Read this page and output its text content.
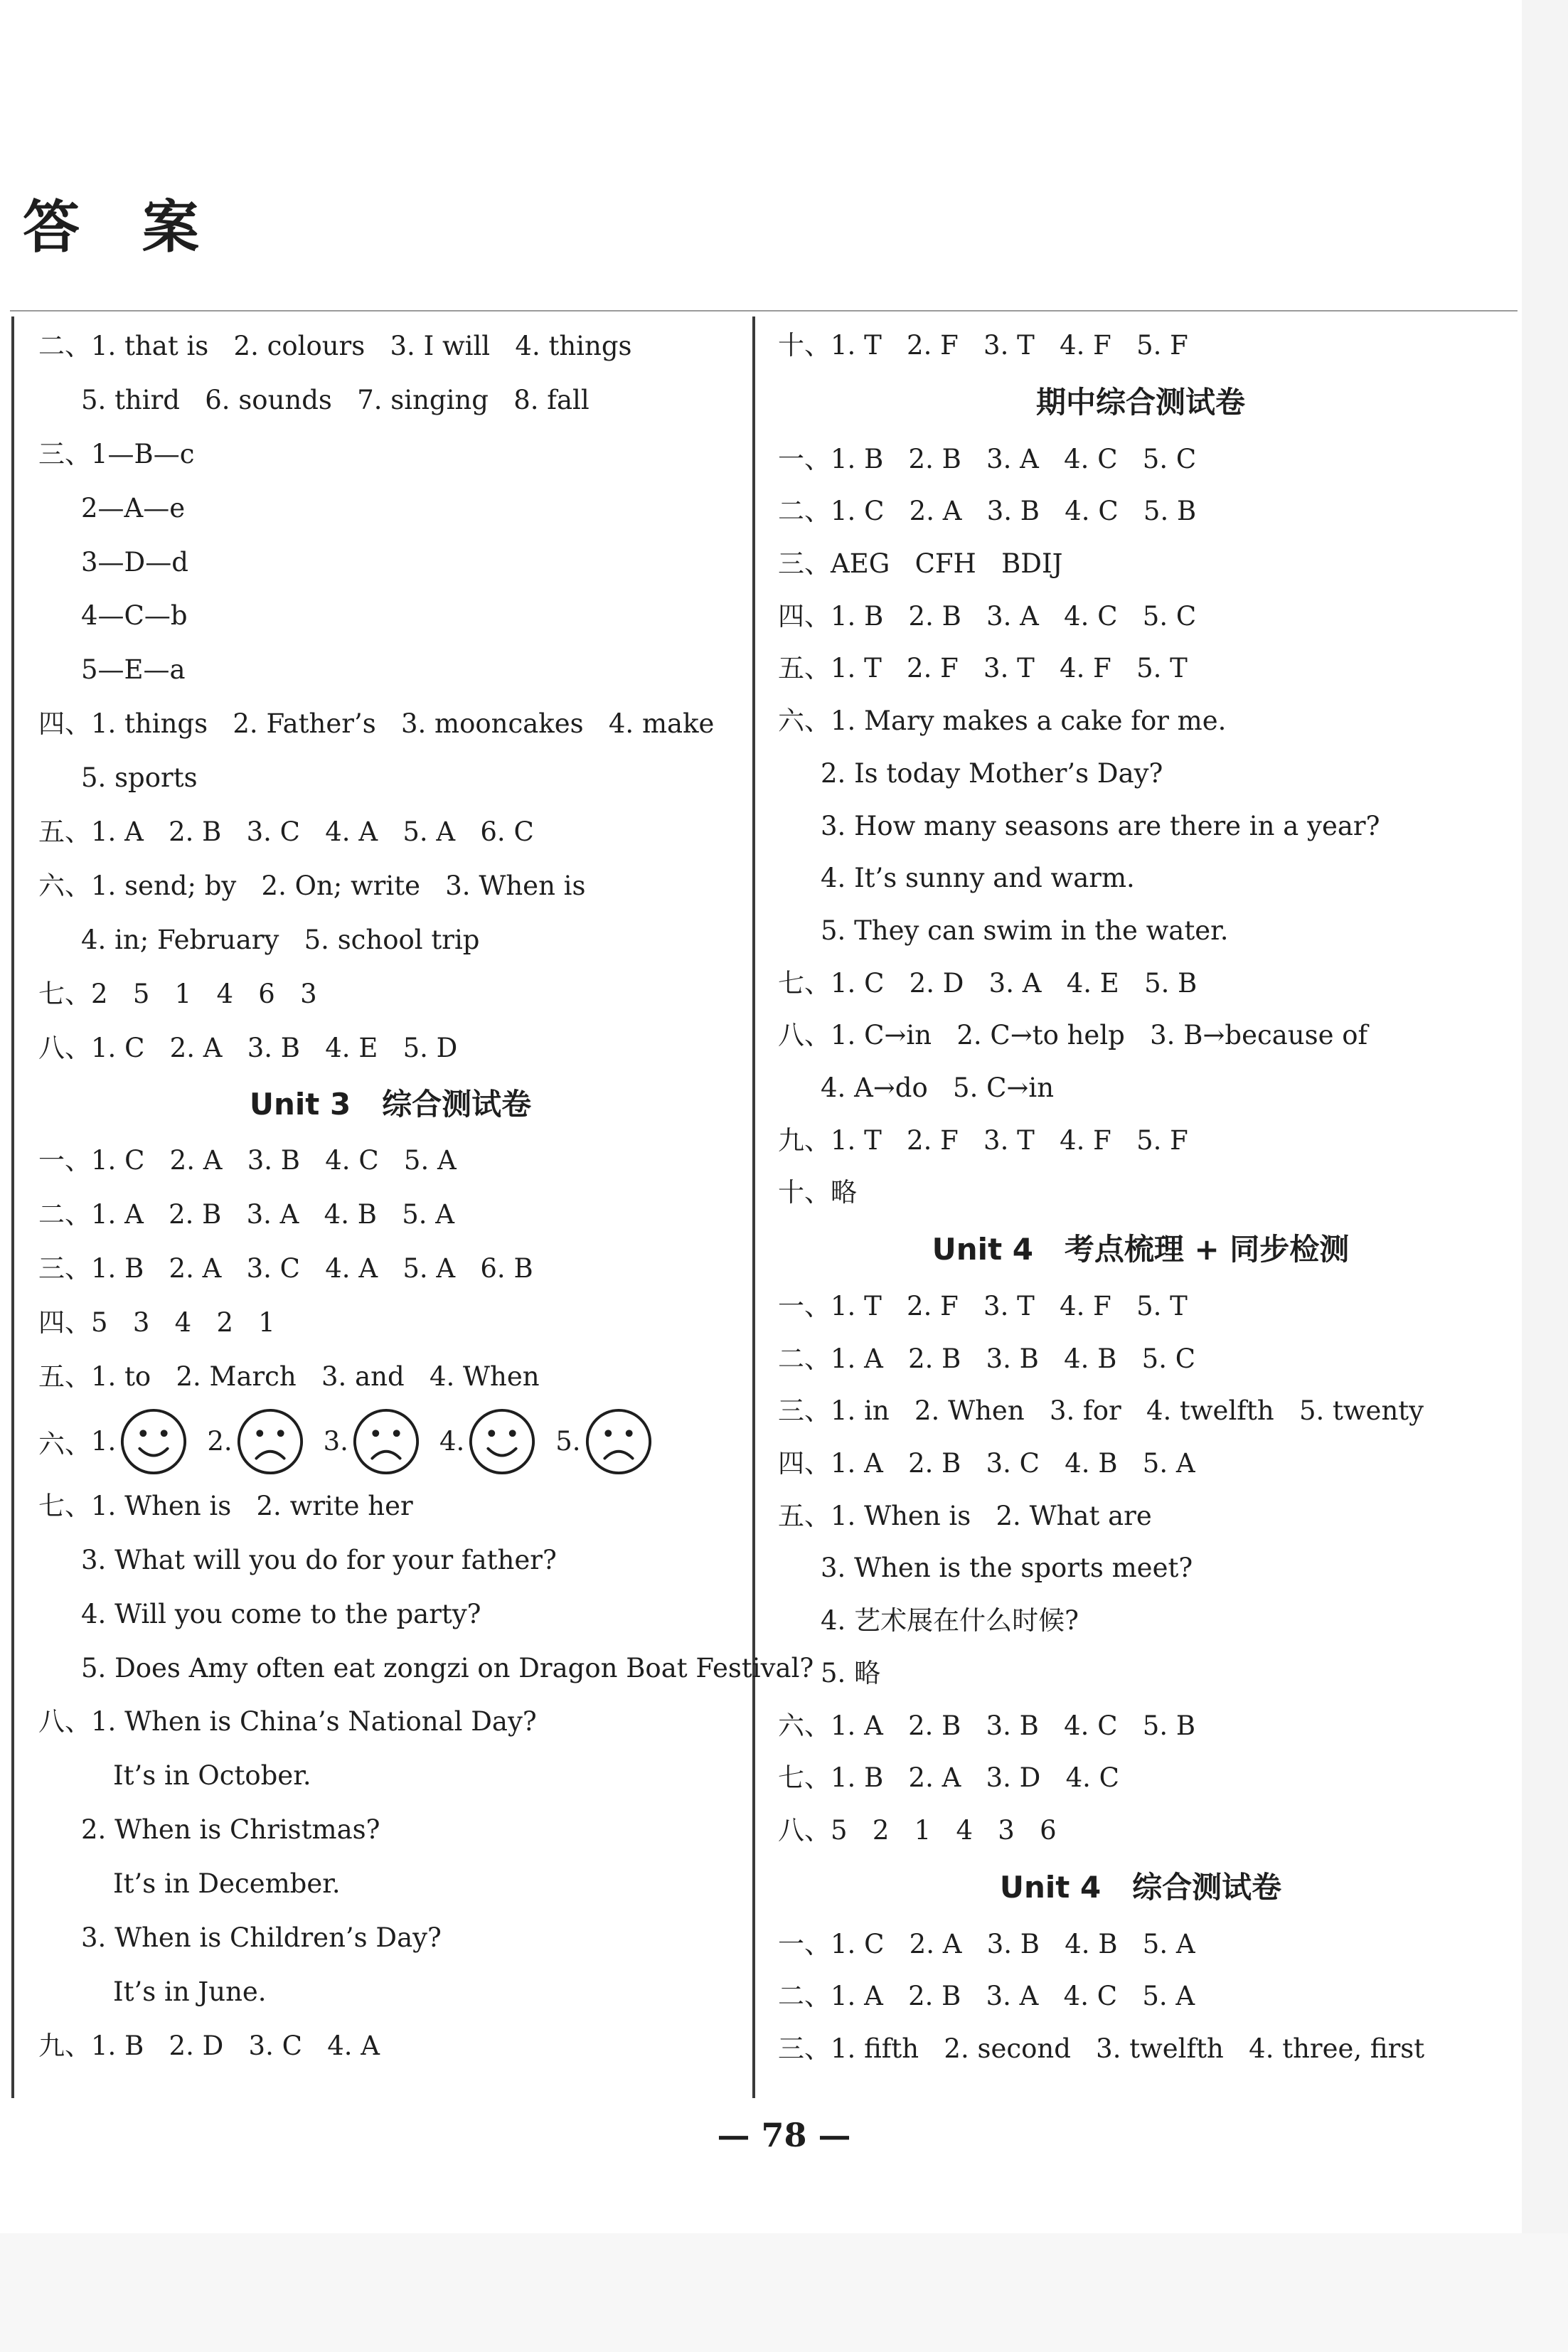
答 案
二、1. that is   2. colours   3. I will   4. things
5. third   6. sounds   7. singing   8. fall
三、1—B—c
2—A—e
3—D—d
4—C—b
5—E—a
四、1. things   2. Father’s   3. mooncakes   4. make
5. sports
五、1. A   2. B   3. C   4. A   5. A   6. C
六、1. send; by   2. On; write   3. When is
4. in; February   5. school trip
七、2   5   1   4   6   3
八、1. C   2. A   3. B   4. E   5. D
Unit 3   综合测试卷
一、1. C   2. A   3. B   4. C   5. A
二、1. A   2. B   3. A   4. B   5. A
三、1. B   2. A   3. C   4. A   5. A   6. B
四、5   3   4   2   1
五、1. to   2. March   3. and   4. When
六、 1.	2.	3.	4.	5.
七、1. When is   2. write her
3. What will you do for your father?
4. Will you come to the party?
5. Does Amy often eat zongzi on Dragon Boat Festival?
八、1. When is China’s National Day?
It’s in October.
2. When is Christmas?
It’s in December.
3. When is Children’s Day?
It’s in June.
九、1. B   2. D   3. C   4. A
十、1. T   2. F   3. T   4. F   5. F
期中综合测试卷
一、1. B   2. B   3. A   4. C   5. C
二、1. C   2. A   3. B   4. C   5. B
三、AEG   CFH   BDIJ
四、1. B   2. B   3. A   4. C   5. C
五、1. T   2. F   3. T   4. F   5. T
六、1. Mary makes a cake for me.
2. Is today Mother’s Day?
3. How many seasons are there in a year?
4. It’s sunny and warm.
5. They can swim in the water.
七、1. C   2. D   3. A   4. E   5. B
八、1. C→in   2. C→to help   3. B→because of
4. A→do   5. C→in
九、1. T   2. F   3. T   4. F   5. F
十、略
Unit 4   考点梳理 + 同步检测
一、1. T   2. F   3. T   4. F   5. T
二、1. A   2. B   3. B   4. B   5. C
三、1. in   2. When   3. for   4. twelfth   5. twenty
四、1. A   2. B   3. C   4. B   5. A
五、1. When is   2. What are
3. When is the sports meet?
4. 艺术展在什么时候?
5. 略
六、1. A   2. B   3. B   4. C   5. B
七、1. B   2. A   3. D   4. C
八、5   2   1   4   3   6
Unit 4   综合测试卷
一、1. C   2. A   3. B   4. B   5. A
二、1. A   2. B   3. A   4. C   5. A
三、1. fifth   2. second   3. twelfth   4. three, first
— 78 —
